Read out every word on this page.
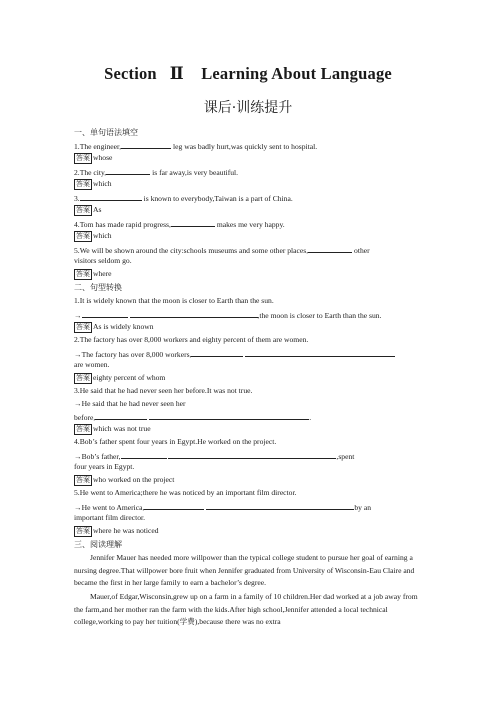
Section   Ⅱ    Learning About Language
课后·训练提升
一、单句语法填空
1.The engineer,	leg was badly hurt,was quickly sent to hospital.
答案 whose
2.The city,	is far away,is very beautiful.
答案 which
3.	is known to everybody,Taiwan is a part of China.
答案 As
4.Tom has made rapid progress,	makes me very happy.
答案 which
5.We will be shown around the city:schools museums and some other places,	other
visitors seldom go.
答案 where
二、句型转换
1.It is widely known that the moon is closer to Earth than the sun.
→	,the moon is closer to Earth than the sun.
答案 As is widely known
2.The factory has over 8,000 workers and eighty percent of them are women.
→The factory has over 8,000 workers,
are women.
答案 eighty percent of whom
3.He said that he had never seen her before.It was not true.
→He said that he had never seen her
before,	.
答案 which was not true
4.Bob’s father spent four years in Egypt.He worked on the project.
→Bob’s father,	,spent
four years in Egypt.
答案 who worked on the project
5.He went to America;there he was noticed by an important film director.
→He went to America,	by an
important film director.
答案 where he was noticed
三、阅读理解
Jennifer Mauer has needed more willpower than the typical college student to pursue her goal of earning a nursing degree.That willpower bore fruit when Jennifer graduated from University of Wisconsin-Eau Claire and became the first in her large family to earn a bachelor’s degree.
Mauer,of Edgar,Wisconsin,grew up on a farm in a family of 10 children.Her dad worked at a job away from the farm,and her mother ran the farm with the kids.After high school,Jennifer attended a local technical college,working to pay her tuition(学费),because there was no extra
